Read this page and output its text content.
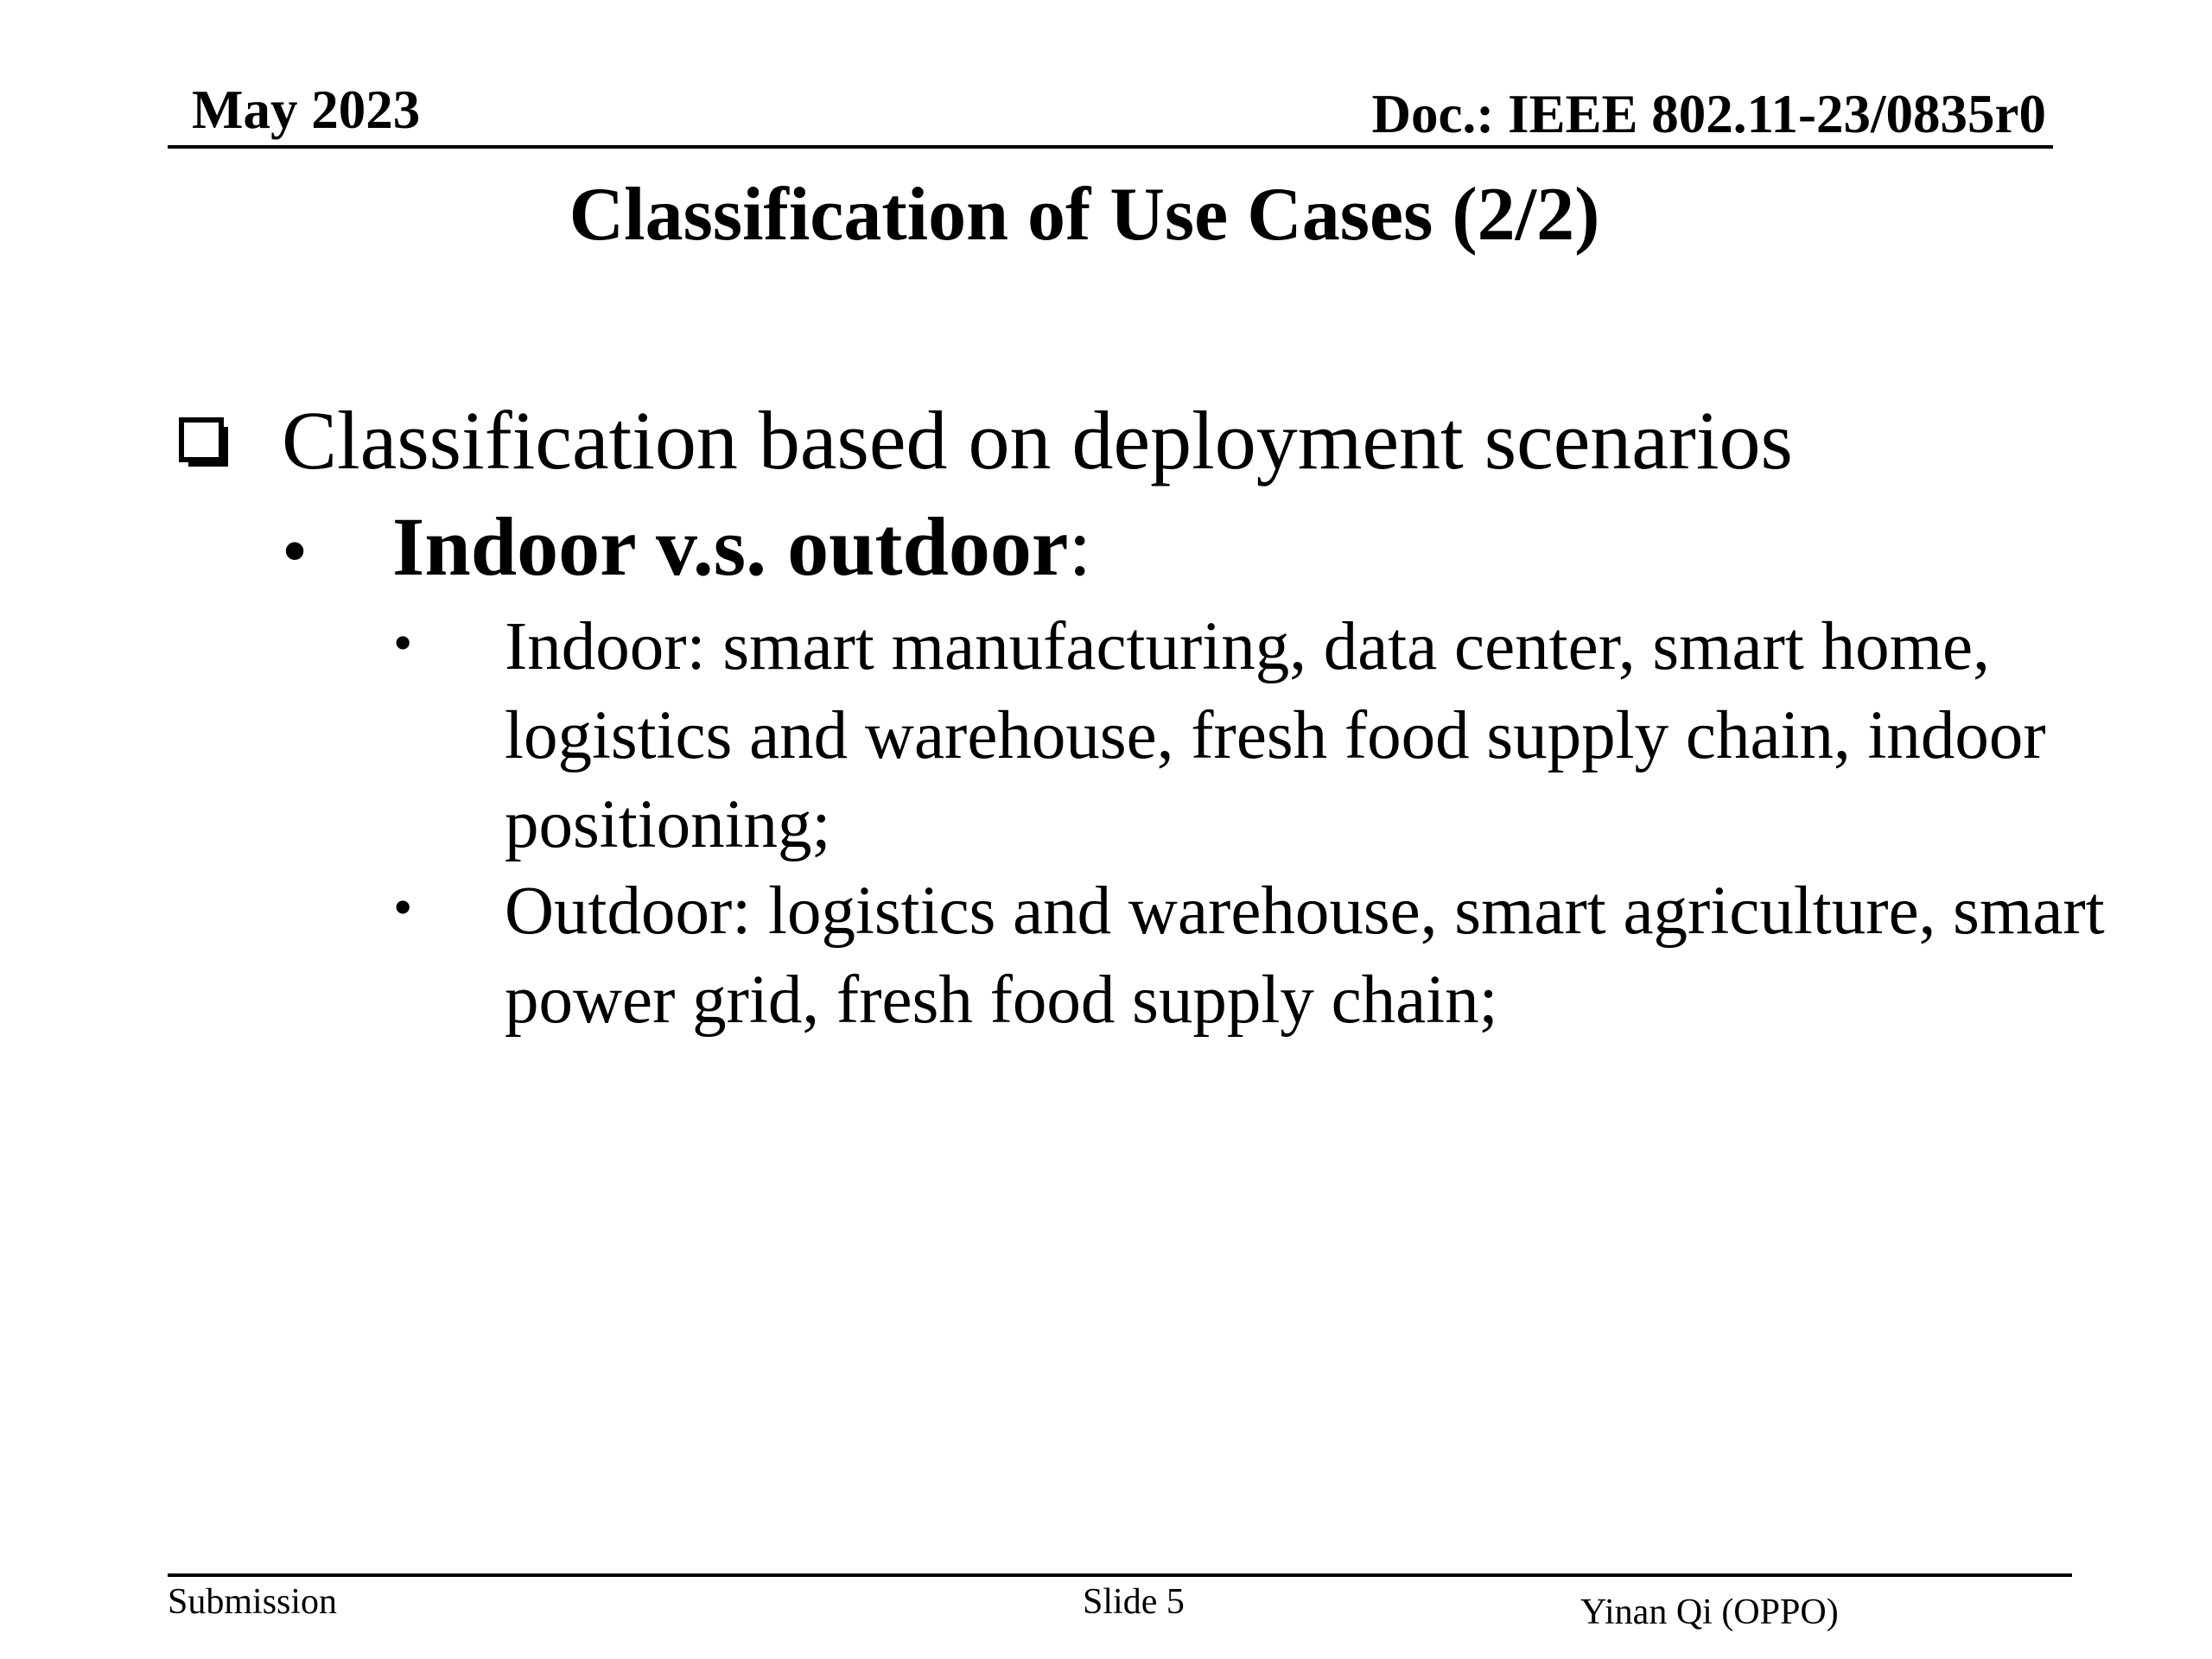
May 2023	Doc.: IEEE 802.11-23/0835r0
Classification of Use Cases (2/2)
Classification based on deployment scenarios
• Indoor v.s. outdoor:
• Indoor: smart manufacturing, data center, smart home, logistics and warehouse, fresh food supply chain, indoor positioning;
• Outdoor: logistics and warehouse, smart agriculture, smart power grid, fresh food supply chain;
Submission	Slide 5	Yinan Qi (OPPO)
